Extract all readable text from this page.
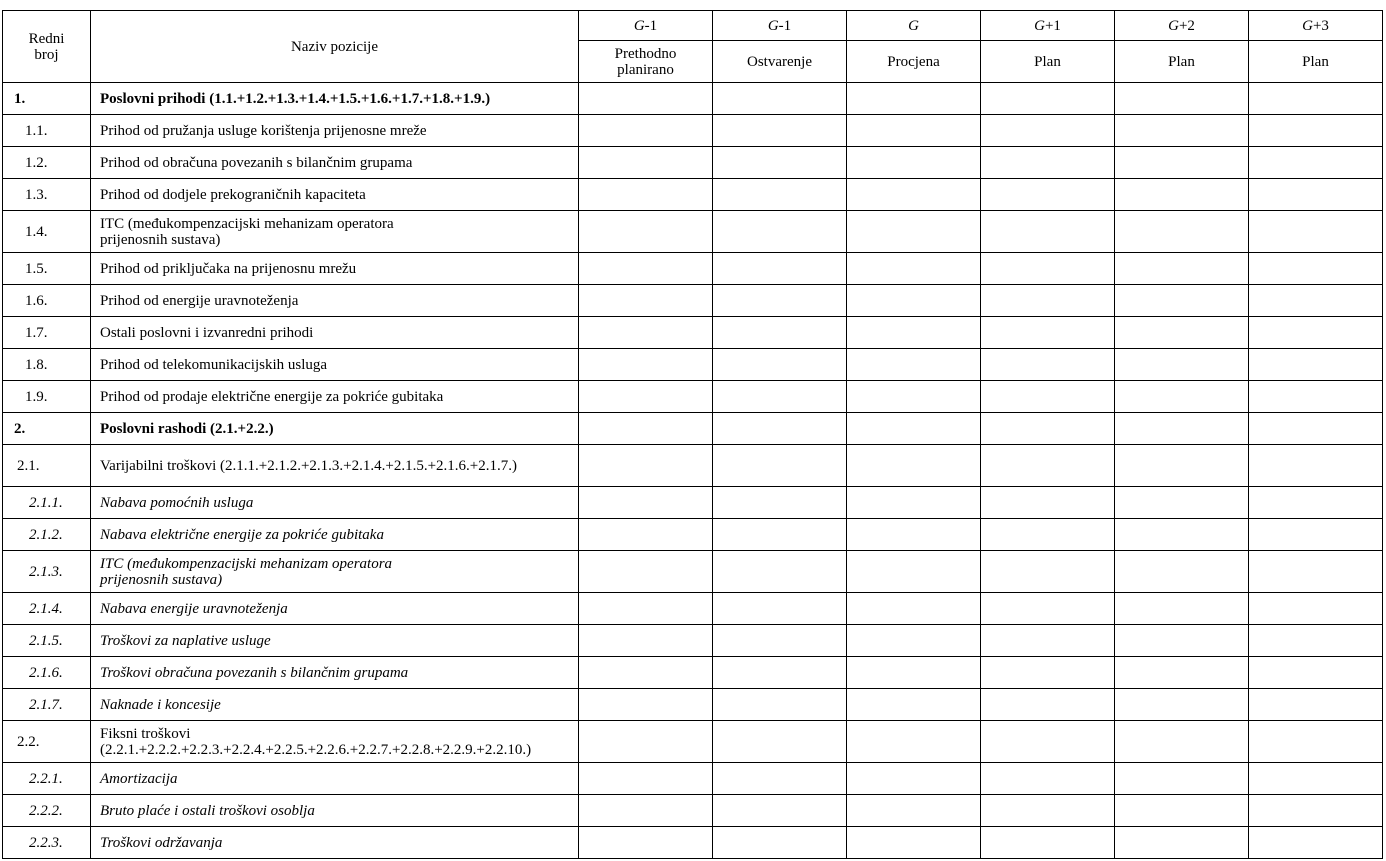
Redni broj	Naziv pozicije	G-1	G-1	G	G+1	G+2	G+3
		Prethodno planirano	Ostvarenje	Procjena	Plan	Plan	Plan
1.	Poslovni prihodi (1.1.+1.2.+1.3.+1.4.+1.5.+1.6.+1.7.+1.8.+1.9.)						
1.1.	Prihod od pružanja usluge korištenja prijenosne mreže						
1.2.	Prihod od obračuna povezanih s bilančnim grupama						
1.3.	Prihod od dodjele prekograničnih kapaciteta						
1.4.	ITC (međukompenzacijski mehanizam operatora prijenosnih sustava)						
1.5.	Prihod od priključaka na prijenosnu mrežu						
1.6.	Prihod od energije uravnoteženja						
1.7.	Ostali poslovni i izvanredni prihodi						
1.8.	Prihod od telekomunikacijskih usluga						
1.9.	Prihod od prodaje električne energije za pokriće gubitaka						
2.	Poslovni rashodi (2.1.+2.2.)						
2.1.	Varijabilni troškovi (2.1.1.+2.1.2.+2.1.3.+2.1.4.+2.1.5.+2.1.6.+2.1.7.)						
2.1.1.	Nabava pomoćnih usluga						
2.1.2.	Nabava električne energije za pokriće gubitaka						
2.1.3.	ITC (međukompenzacijski mehanizam operatora prijenosnih sustava)						
2.1.4.	Nabava energije uravnoteženja						
2.1.5.	Troškovi za naplative usluge						
2.1.6.	Troškovi obračuna povezanih s bilančnim grupama						
2.1.7.	Naknade i koncesije						
2.2.	Fiksni troškovi (2.2.1.+2.2.2.+2.2.3.+2.2.4.+2.2.5.+2.2.6.+2.2.7.+2.2.8.+2.2.9.+2.2.10.)						
2.2.1.	Amortizacija						
2.2.2.	Bruto plaće i ostali troškovi osoblja						
2.2.3.	Troškovi održavanja						
